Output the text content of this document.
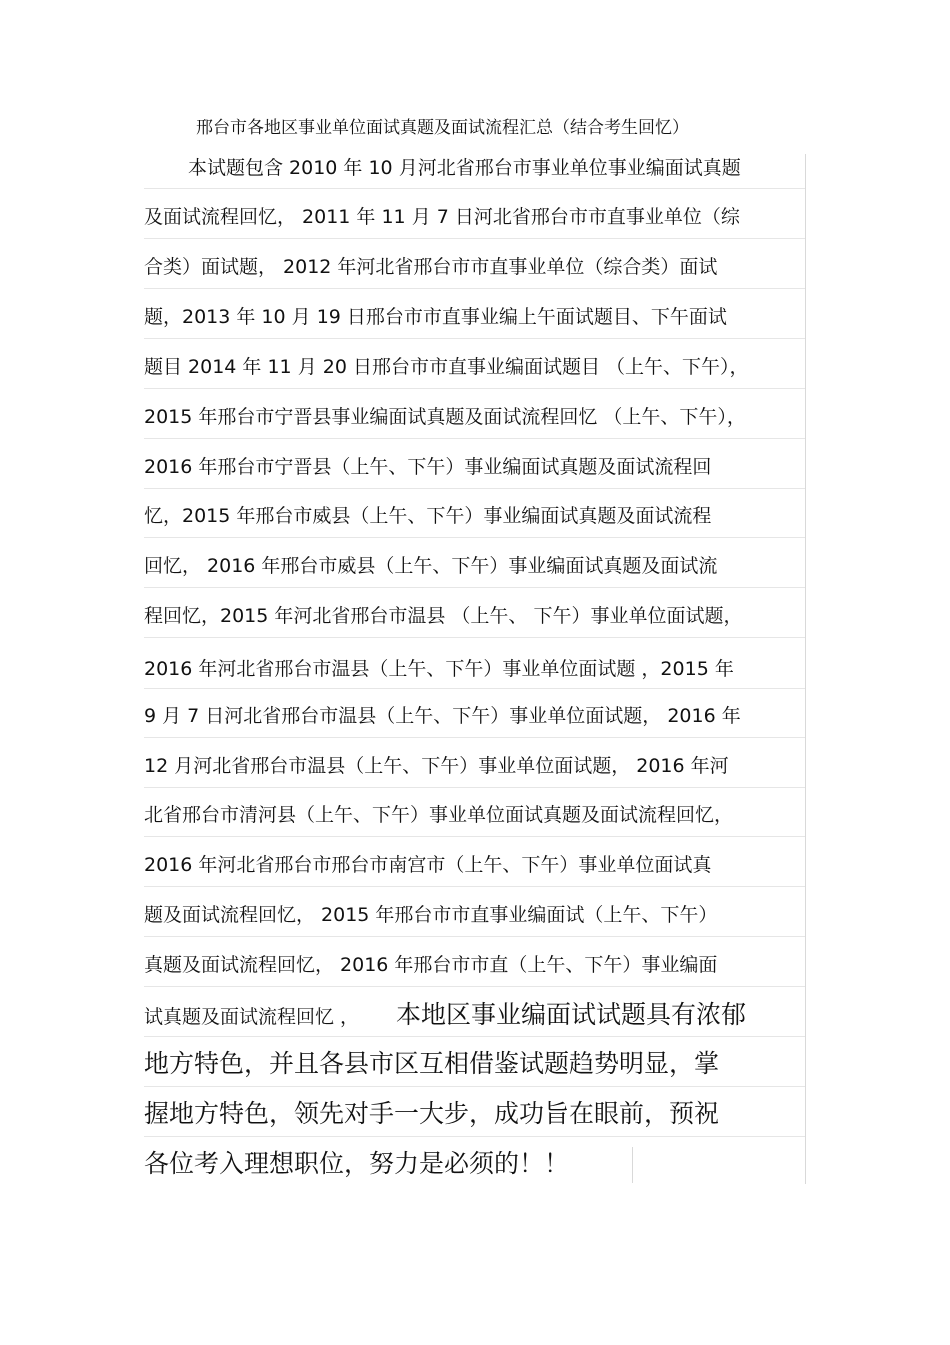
邢台市各地区事业单位面试真题及面试流程汇总（结合考生回忆）
本试题包含 2010 年 10 月河北省邢台市事业单位事业编面试真题
及面试流程回忆， 2011 年 11 月 7 日河北省邢台市市直事业单位（综
合类）面试题， 2012 年河北省邢台市市直事业单位（综合类）面试
题，2013 年 10 月 19 日邢台市市直事业编上午面试题目、下午面试
题目 2014 年 11 月 20 日邢台市市直事业编面试题目 （上午、下午），
2015 年邢台市宁晋县事业编面试真题及面试流程回忆 （上午、下午），
2016 年邢台市宁晋县（上午、下午）事业编面试真题及面试流程回
忆，2015 年邢台市威县（上午、下午）事业编面试真题及面试流程
回忆， 2016 年邢台市威县（上午、下午）事业编面试真题及面试流
程回忆，2015 年河北省邢台市温县 （上午、 下午）事业单位面试题，
2016 年河北省邢台市温县（上午、下午）事业单位面试题 ，2015 年
9 月 7 日河北省邢台市温县（上午、下午）事业单位面试题， 2016 年
12 月河北省邢台市温县（上午、下午）事业单位面试题， 2016 年河
北省邢台市清河县（上午、下午）事业单位面试真题及面试流程回忆，
2016 年河北省邢台市邢台市南宫市（上午、下午）事业单位面试真
题及面试流程回忆， 2015 年邢台市市直事业编面试（上午、下午）
真题及面试流程回忆， 2016 年邢台市市直（上午、下午）事业编面
试真题及面试流程回忆 ， 本地区事业编面试试题具有浓郁
地方特色，并且各县市区互相借鉴试题趋势明显，掌
握地方特色，领先对手一大步，成功旨在眼前，预祝
各位考入理想职位，努力是必须的！！
